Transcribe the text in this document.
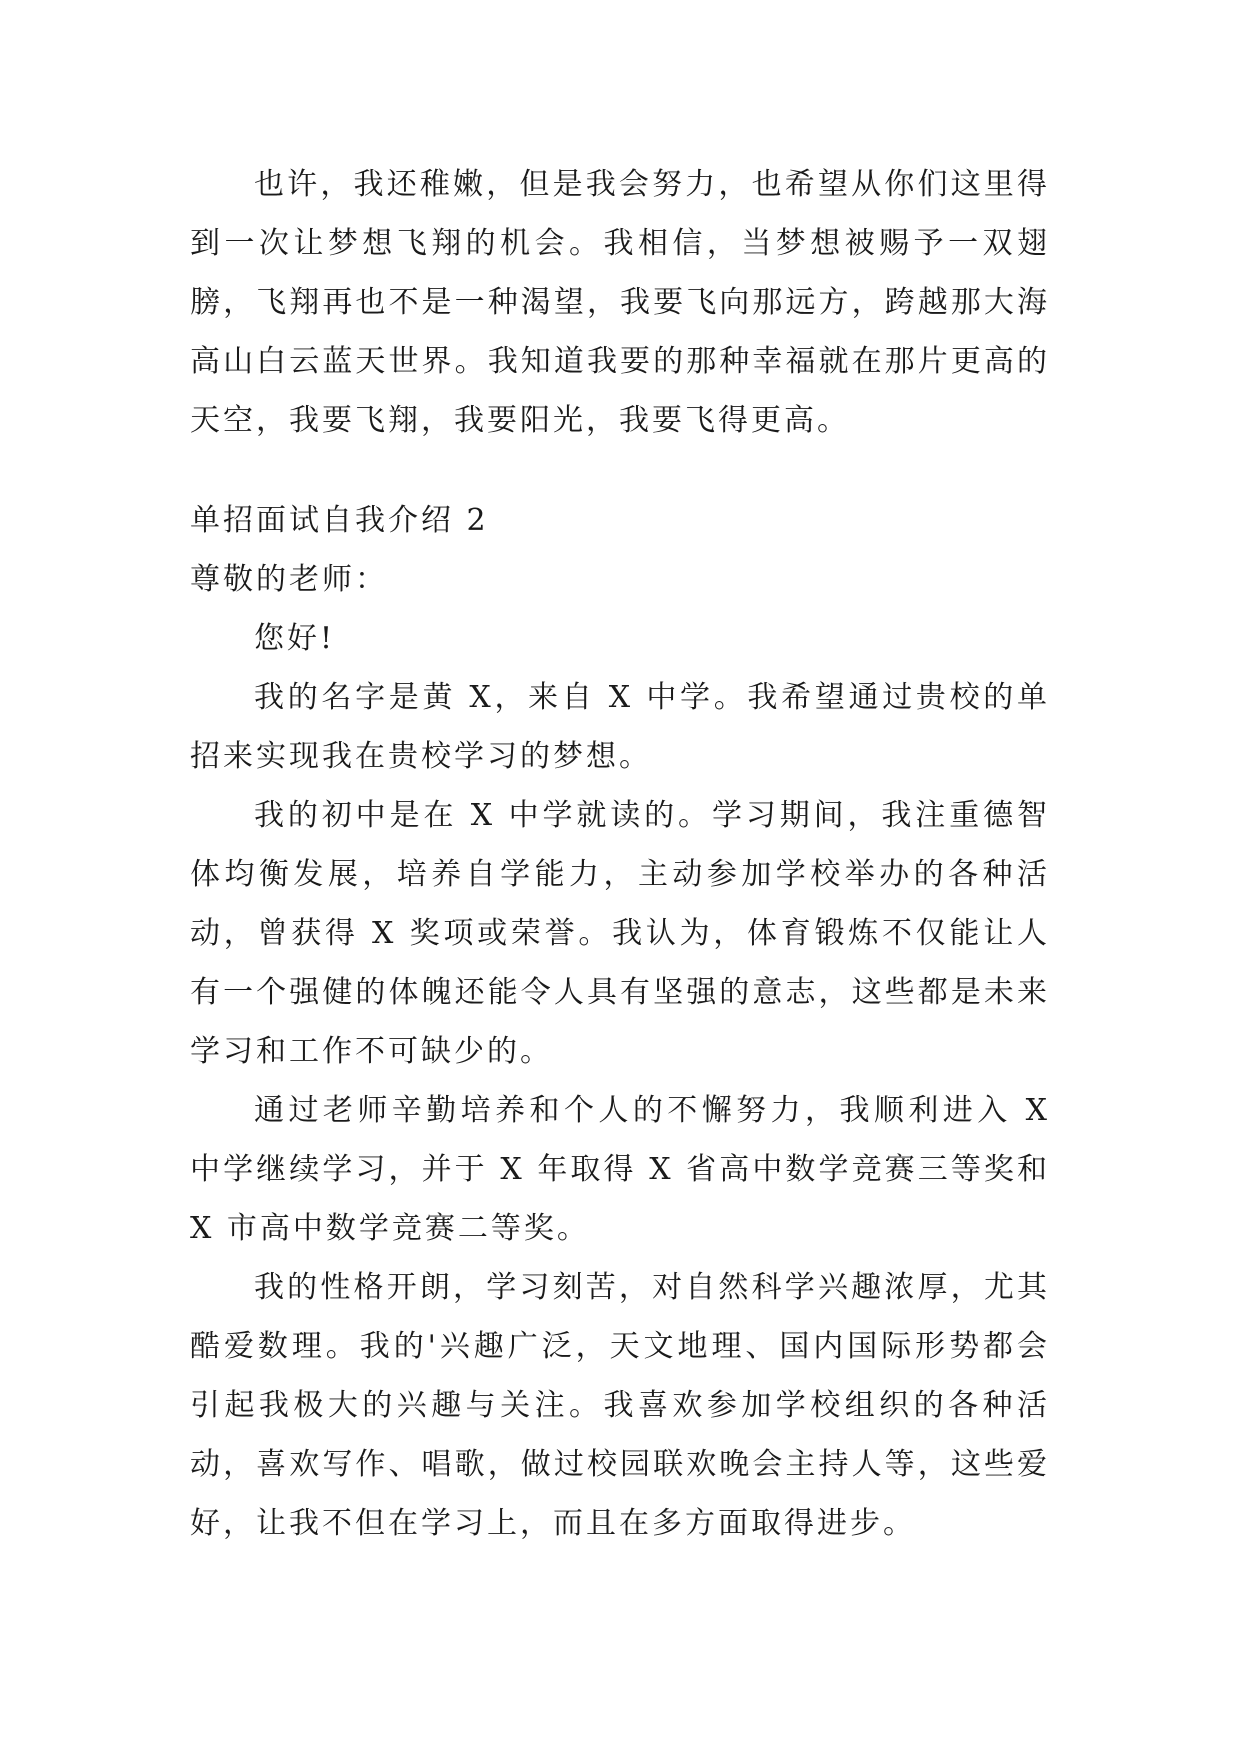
也许，我还稚嫩，但是我会努力，也希望从你们这里得到一次让梦想飞翔的机会。我相信，当梦想被赐予一双翅膀，飞翔再也不是一种渴望，我要飞向那远方，跨越那大海高山白云蓝天世界。我知道我要的那种幸福就在那片更高的天空，我要飞翔，我要阳光，我要飞得更高。

单招面试自我介绍 2

尊敬的老师：

您好!

我的名字是黄 X，来自 X 中学。我希望通过贵校的单招来实现我在贵校学习的梦想。

我的初中是在 X 中学就读的。学习期间，我注重德智体均衡发展，培养自学能力，主动参加学校举办的各种活动，曾获得 X 奖项或荣誉。我认为，体育锻炼不仅能让人有一个强健的体魄还能令人具有坚强的意志，这些都是未来学习和工作不可缺少的。

通过老师辛勤培养和个人的不懈努力，我顺利进入 X 中学继续学习，并于 X 年取得 X 省高中数学竞赛三等奖和 X 市高中数学竞赛二等奖。

我的性格开朗，学习刻苦，对自然科学兴趣浓厚，尤其酷爱数理。我的'兴趣广泛，天文地理、国内国际形势都会引起我极大的兴趣与关注。我喜欢参加学校组织的各种活动，喜欢写作、唱歌，做过校园联欢晚会主持人等，这些爱好，让我不但在学习上，而且在多方面取得进步。
